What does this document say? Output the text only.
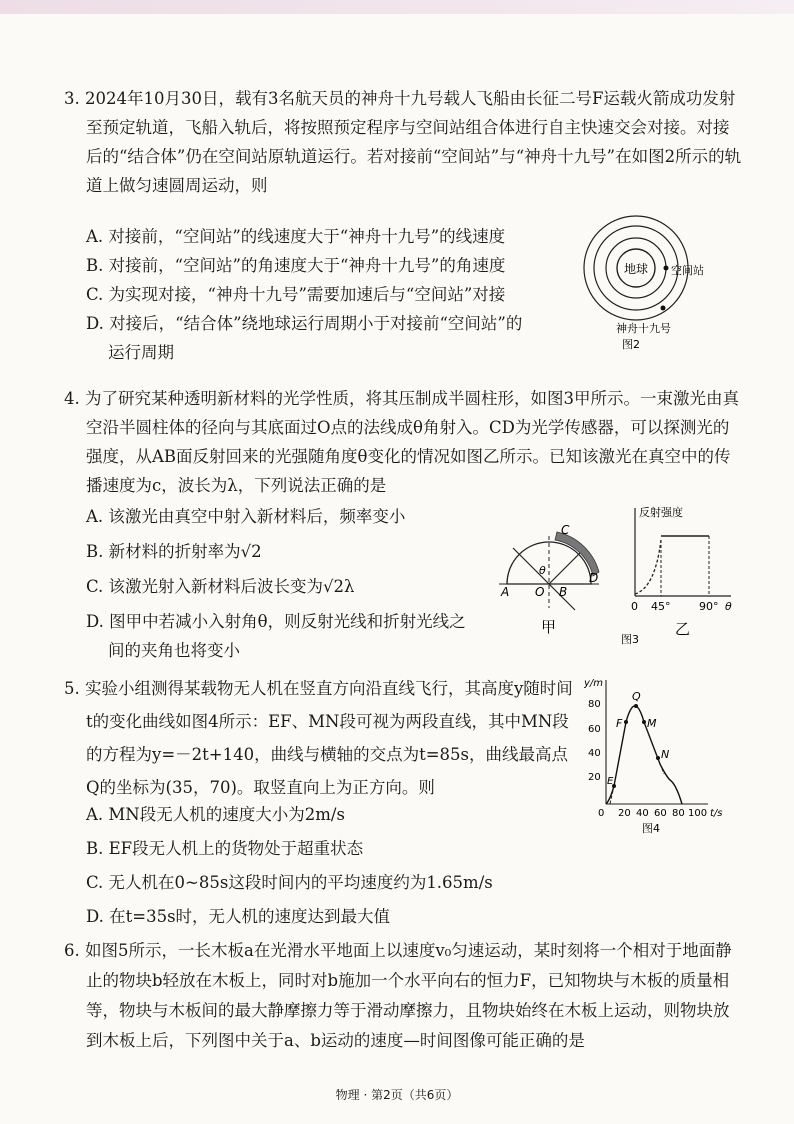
3. 2024年10月30日，载有3名航天员的神舟十九号载人飞船由长征二号F运载火箭成功发射至预定轨道，飞船入轨后，将按照预定程序与空间站组合体进行自主快速交会对接。对接后的“结合体”仍在空间站原轨道运行。若对接前“空间站”与“神舟十九号”在如图2所示的轨道上做匀速圆周运动，则
A. 对接前，“空间站”的线速度大于“神舟十九号”的线速度
B. 对接前，“空间站”的角速度大于“神舟十九号”的角速度
C. 为实现对接，“神舟十九号”需要加速后与“空间站”对接
D. 对接后，“结合体”绕地球运行周期小于对接前“空间站”的
运行周期
地球 空间站
神舟十九号
图2
4. 为了研究某种透明新材料的光学性质，将其压制成半圆柱形，如图3甲所示。一束激光由真空沿半圆柱体的径向与其底面过O点的法线成θ角射入。CD为光学传感器，可以探测光的强度，从AB面反射回来的光强随角度θ变化的情况如图乙所示。已知该激光在真空中的传播速度为c，波长为λ，下列说法正确的是
A. 该激光由真空中射入新材料后，频率变小
B. 新材料的折射率为√2
C. 该激光射入新材料后波长变为√2λ
D. 图甲中若减小入射角θ，则反射光线和折射光线之
间的夹角也将变小
θ
C
D
A O B
甲
反射强度
0 45°	90° θ
图3
乙
5. 实验小组测得某载物无人机在竖直方向沿直线飞行，其高度y随时间t的变化曲线如图4所示：EF、MN段可视为两段直线，其中MN段的方程为y=－2t+140，曲线与横轴的交点为t=85s，曲线最高点Q的坐标为(35，70)。取竖直向上为正方向。则
A. MN段无人机的速度大小为2m/s
B. EF段无人机上的货物处于超重状态
C. 无人机在0~85s这段时间内的平均速度约为1.65m/s
D. 在t=35s时，无人机的速度达到最大值
Q
F M
N
E
y/m
80
60
40
20
0 20 40 60 80 100 t/s
图4
6. 如图5所示，一长木板a在光滑水平地面上以速度v₀匀速运动，某时刻将一个相对于地面静止的物块b轻放在木板上，同时对b施加一个水平向右的恒力F，已知物块与木板的质量相等，物块与木板间的最大静摩擦力等于滑动摩擦力，且物块始终在木板上运动，则物块放到木板上后，下列图中关于a、b运动的速度—时间图像可能正确的是
物理 · 第2页（共6页）
